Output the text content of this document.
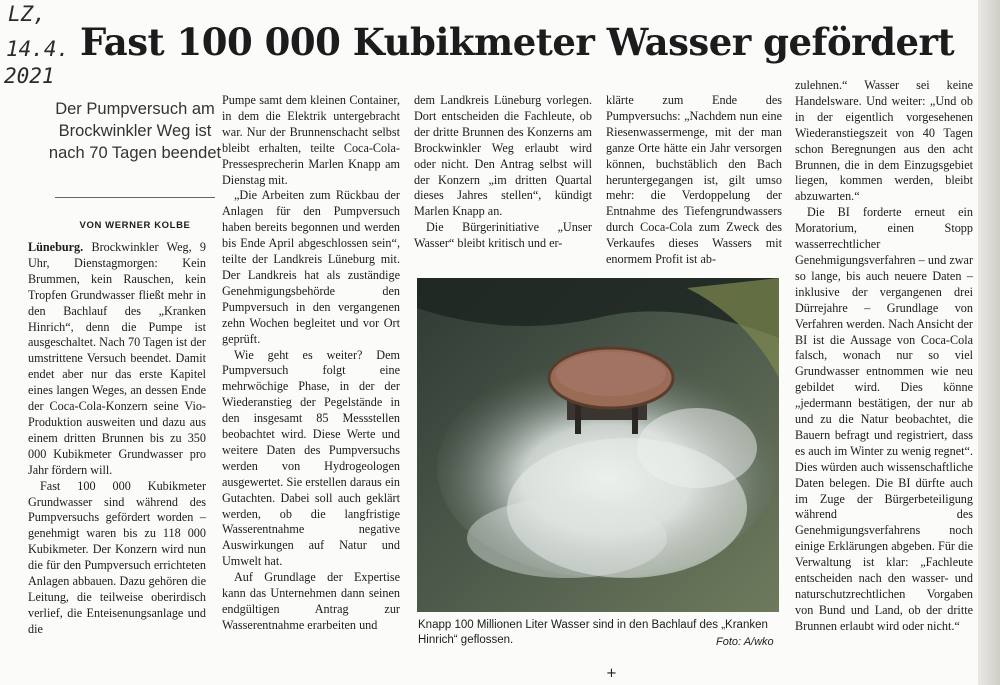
LZ,
14.4.
2021
Fast 100 000 Kubikmeter Wasser gefördert
Der Pumpversuch am Brockwinkler Weg ist nach 70 Tagen beendet
VON WERNER KOLBE

Lüneburg. Brockwinkler Weg, 9 Uhr, Dienstagmorgen: Kein Brummen, kein Rauschen, kein Tropfen Grundwasser fließt mehr in den Bachlauf des „Kranken Hinrich“, denn die Pumpe ist ausgeschaltet. Nach 70 Tagen ist der umstrittene Versuch beendet. Damit endet aber nur das erste Kapitel eines langen Weges, an dessen Ende der Coca-Cola-Konzern seine Vio-Produktion ausweiten und dazu aus einem dritten Brunnen bis zu 350 000 Kubikmeter Grundwasser pro Jahr fördern will.

Fast 100 000 Kubikmeter Grundwasser sind während des Pumpversuchs gefördert worden – genehmigt waren bis zu 118 000 Kubikmeter. Der Konzern wird nun die für den Pumpversuch errichteten Anlagen abbauen. Dazu gehören die Leitung, die teilweise oberirdisch verlief, die Enteisenungsanlage und die

Pumpe samt dem kleinen Container, in dem die Elektrik untergebracht war. Nur der Brunnenschacht selbst bleibt erhalten, teilte Coca-Cola-Pressesprecherin Marlen Knapp am Dienstag mit.

„Die Arbeiten zum Rückbau der Anlagen für den Pumpversuch haben bereits begonnen und werden bis Ende April abgeschlossen sein“, teilte der Landkreis Lüneburg mit. Der Landkreis hat als zuständige Genehmigungsbehörde den Pumpversuch in den vergangenen zehn Wochen begleitet und vor Ort geprüft.

Wie geht es weiter? Dem Pumpversuch folgt eine mehrwöchige Phase, in der der Wiederanstieg der Pegelstände in den insgesamt 85 Messstellen beobachtet wird. Diese Werte und weitere Daten des Pumpversuchs werden von Hydrogeologen ausgewertet. Sie erstellen daraus ein Gutachten. Dabei soll auch geklärt werden, ob die langfristige Wasserentnahme negative Auswirkungen auf Natur und Umwelt hat.

Auf Grundlage der Expertise kann das Unternehmen dann seinen endgültigen Antrag zur Wasserentnahme erarbeiten und

dem Landkreis Lüneburg vorlegen. Dort entscheiden die Fachleute, ob der dritte Brunnen des Konzerns am Brockwinkler Weg erlaubt wird oder nicht. Den Antrag selbst will der Konzern „im dritten Quartal dieses Jahres stellen“, kündigt Marlen Knapp an.

Die Bürgerinitiative „Unser Wasser“ bleibt kritisch und er-

klärte zum Ende des Pumpversuchs: „Nachdem nun eine Riesenwassermenge, mit der man ganze Orte hätte ein Jahr versorgen können, buchstäblich den Bach heruntergegangen ist, gilt umso mehr: die Verdoppelung der Entnahme des Tiefengrundwassers durch Coca-Cola zum Zweck des Verkaufes dieses Wassers mit enormem Profit ist ab-

zulehnen.“ Wasser sei keine Handelsware. Und weiter: „Und ob in der eigentlich vorgesehenen Wiederanstiegszeit von 40 Tagen schon Beregnungen aus den acht Brunnen, die in dem Einzugsgebiet liegen, kommen werden, bleibt abzuwarten.“

Die BI forderte erneut ein Moratorium, einen Stopp wasserrechtlicher Genehmigungsverfahren – und zwar so lange, bis auch neuere Daten – inklusive der vergangenen drei Dürrejahre – Grundlage von Verfahren werden. Nach Ansicht der BI ist die Aussage von Coca-Cola falsch, wonach nur so viel Grundwasser entnommen wie neu gebildet wird. Dies könne „jedermann bestätigen, der nur ab und zu die Natur beobachtet, die Bauern befragt und registriert, dass es auch im Winter zu wenig regnet“. Dies würden auch wissenschaftliche Daten belegen. Die BI dürfte auch im Zuge der Bürgerbeteiligung während des Genehmigungsverfahrens noch einige Erklärungen abgeben. Für die Verwaltung ist klar: „Fachleute entscheiden nach den wasser- und naturschutzrechtlichen Vorgaben von Bund und Land, ob der dritte Brunnen erlaubt wird oder nicht.“

Knapp 100 Millionen Liter Wasser sind in den Bachlauf des „Kranken Hinrich“ geflossen.	Foto: A/wko
+
